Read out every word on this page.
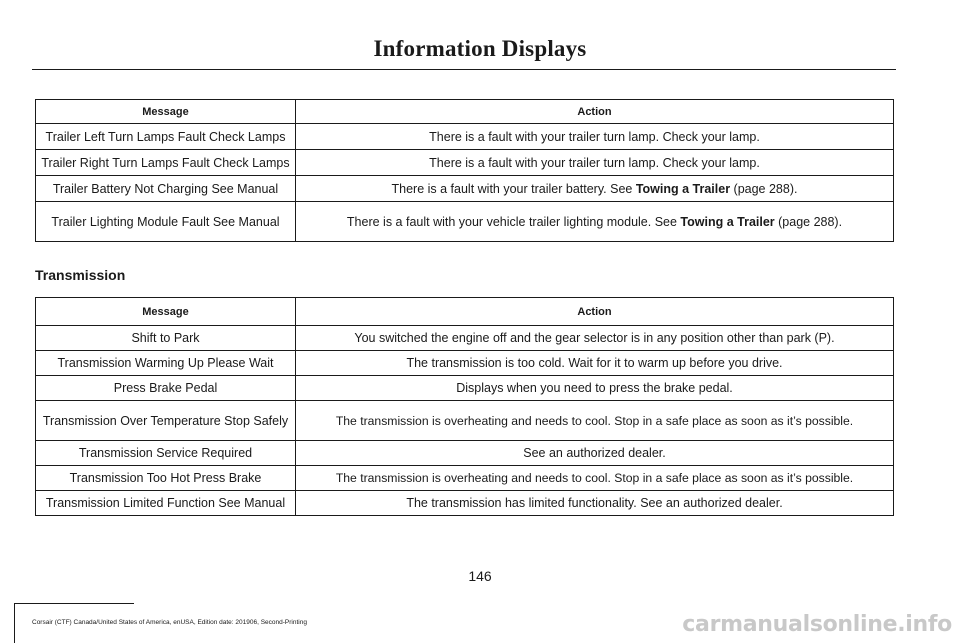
Information Displays
Message	Action
Trailer Left Turn Lamps Fault Check Lamps	There is a fault with your trailer turn lamp. Check your lamp.
Trailer Right Turn Lamps Fault Check Lamps	There is a fault with your trailer turn lamp. Check your lamp.
Trailer Battery Not Charging See Manual	There is a fault with your trailer battery. See Towing a Trailer (page 288).
Trailer Lighting Module Fault See Manual	There is a fault with your vehicle trailer lighting module. See Towing a Trailer (page 288).
Transmission
Message	Action
Shift to Park	You switched the engine off and the gear selector is in any position other than park (P).
Transmission Warming Up Please Wait	The transmission is too cold. Wait for it to warm up before you drive.
Press Brake Pedal	Displays when you need to press the brake pedal.
Transmission Over Temperature Stop Safely	The transmission is overheating and needs to cool. Stop in a safe place as soon as it’s possible.
Transmission Service Required	See an authorized dealer.
Transmission Too Hot Press Brake	The transmission is overheating and needs to cool. Stop in a safe place as soon as it’s possible.
Transmission Limited Function See Manual	The transmission has limited functionality. See an authorized dealer.
146
Corsair (CTF) Canada/United States of America, enUSA, Edition date: 201906, Second-Printing	carmanualsonline.info
